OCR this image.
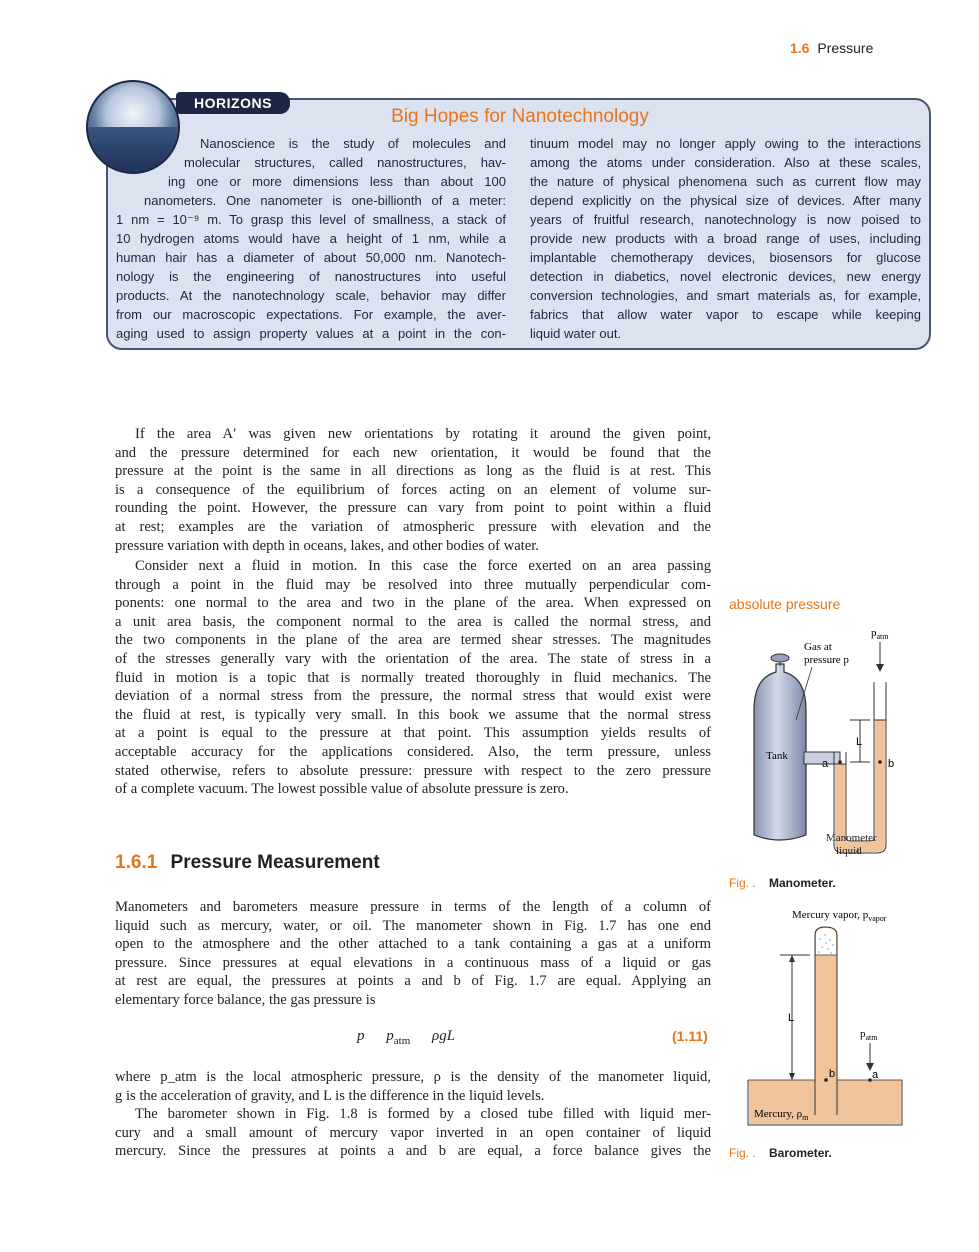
1.6 Pressure
HORIZONS
Big Hopes for Nanotechnology
Nanoscience is the study of molecules and
molecular structures, called nanostructures, hav-
ing one or more dimensions less than about 100
nanometers. One nanometer is one-billionth of a meter:
1 nm = 10⁻⁹ m. To grasp this level of smallness, a stack of
10 hydrogen atoms would have a height of 1 nm, while a
human hair has a diameter of about 50,000 nm. Nanotech-
nology is the engineering of nanostructures into useful
products. At the nanotechnology scale, behavior may differ
from our macroscopic expectations. For example, the aver-
aging used to assign property values at a point in the con-
tinuum model may no longer apply owing to the interactions
among the atoms under consideration. Also at these scales,
the nature of physical phenomena such as current flow may
depend explicitly on the physical size of devices. After many
years of fruitful research, nanotechnology is now poised to
provide new products with a broad range of uses, including
implantable chemotherapy devices, biosensors for glucose
detection in diabetics, novel electronic devices, new energy
conversion technologies, and smart materials as, for example,
fabrics that allow water vapor to escape while keeping
liquid water out.
If the area A′ was given new orientations by rotating it around the given point,
and the pressure determined for each new orientation, it would be found that the
pressure at the point is the same in all directions as long as the fluid is at rest. This
is a consequence of the equilibrium of forces acting on an element of volume sur-
rounding the point. However, the pressure can vary from point to point within a fluid
at rest; examples are the variation of atmospheric pressure with elevation and the
pressure variation with depth in oceans, lakes, and other bodies of water.
Consider next a fluid in motion. In this case the force exerted on an area passing
through a point in the fluid may be resolved into three mutually perpendicular com-
ponents: one normal to the area and two in the plane of the area. When expressed on
a unit area basis, the component normal to the area is called the normal stress, and
the two components in the plane of the area are termed shear stresses. The magnitudes
of the stresses generally vary with the orientation of the area. The state of stress in a
fluid in motion is a topic that is normally treated thoroughly in fluid mechanics. The
deviation of a normal stress from the pressure, the normal stress that would exist were
the fluid at rest, is typically very small. In this book we assume that the normal stress
at a point is equal to the pressure at that point. This assumption yields results of
acceptable accuracy for the applications considered. Also, the term pressure, unless
stated otherwise, refers to absolute pressure: pressure with respect to the zero pressure
of a complete vacuum. The lowest possible value of absolute pressure is zero.
absolute pressure
1.6.1 Pressure Measurement
Manometers and barometers measure pressure in terms of the length of a column of
liquid such as mercury, water, or oil. The manometer shown in Fig. 1.7 has one end
open to the atmosphere and the other attached to a tank containing a gas at a uniform
pressure. Since pressures at equal elevations in a continuous mass of a liquid or gas
at rest are equal, the pressures at points a and b of Fig. 1.7 are equal. Applying an
elementary force balance, the gas pressure is
p $p_{atm}$ ρgL	(1.11)
where p_atm is the local atmospheric pressure, ρ is the density of the manometer liquid,
g is the acceleration of gravity, and L is the difference in the liquid levels.
The barometer shown in Fig. 1.8 is formed by a closed tube filled with liquid mer-
cury and a small amount of mercury vapor inverted in an open container of liquid
mercury. Since the pressures at points a and b are equal, a force balance gives the
Tank
L
a	b
$p_{atm}$
Gas at
pressure p
Manometer
liquid
Fig. . Manometer.
Mercury vapor, $p_{vapor}$
L
b	a
$p_{atm}$
Mercury, $\rho_m$
Fig. . Barometer.
